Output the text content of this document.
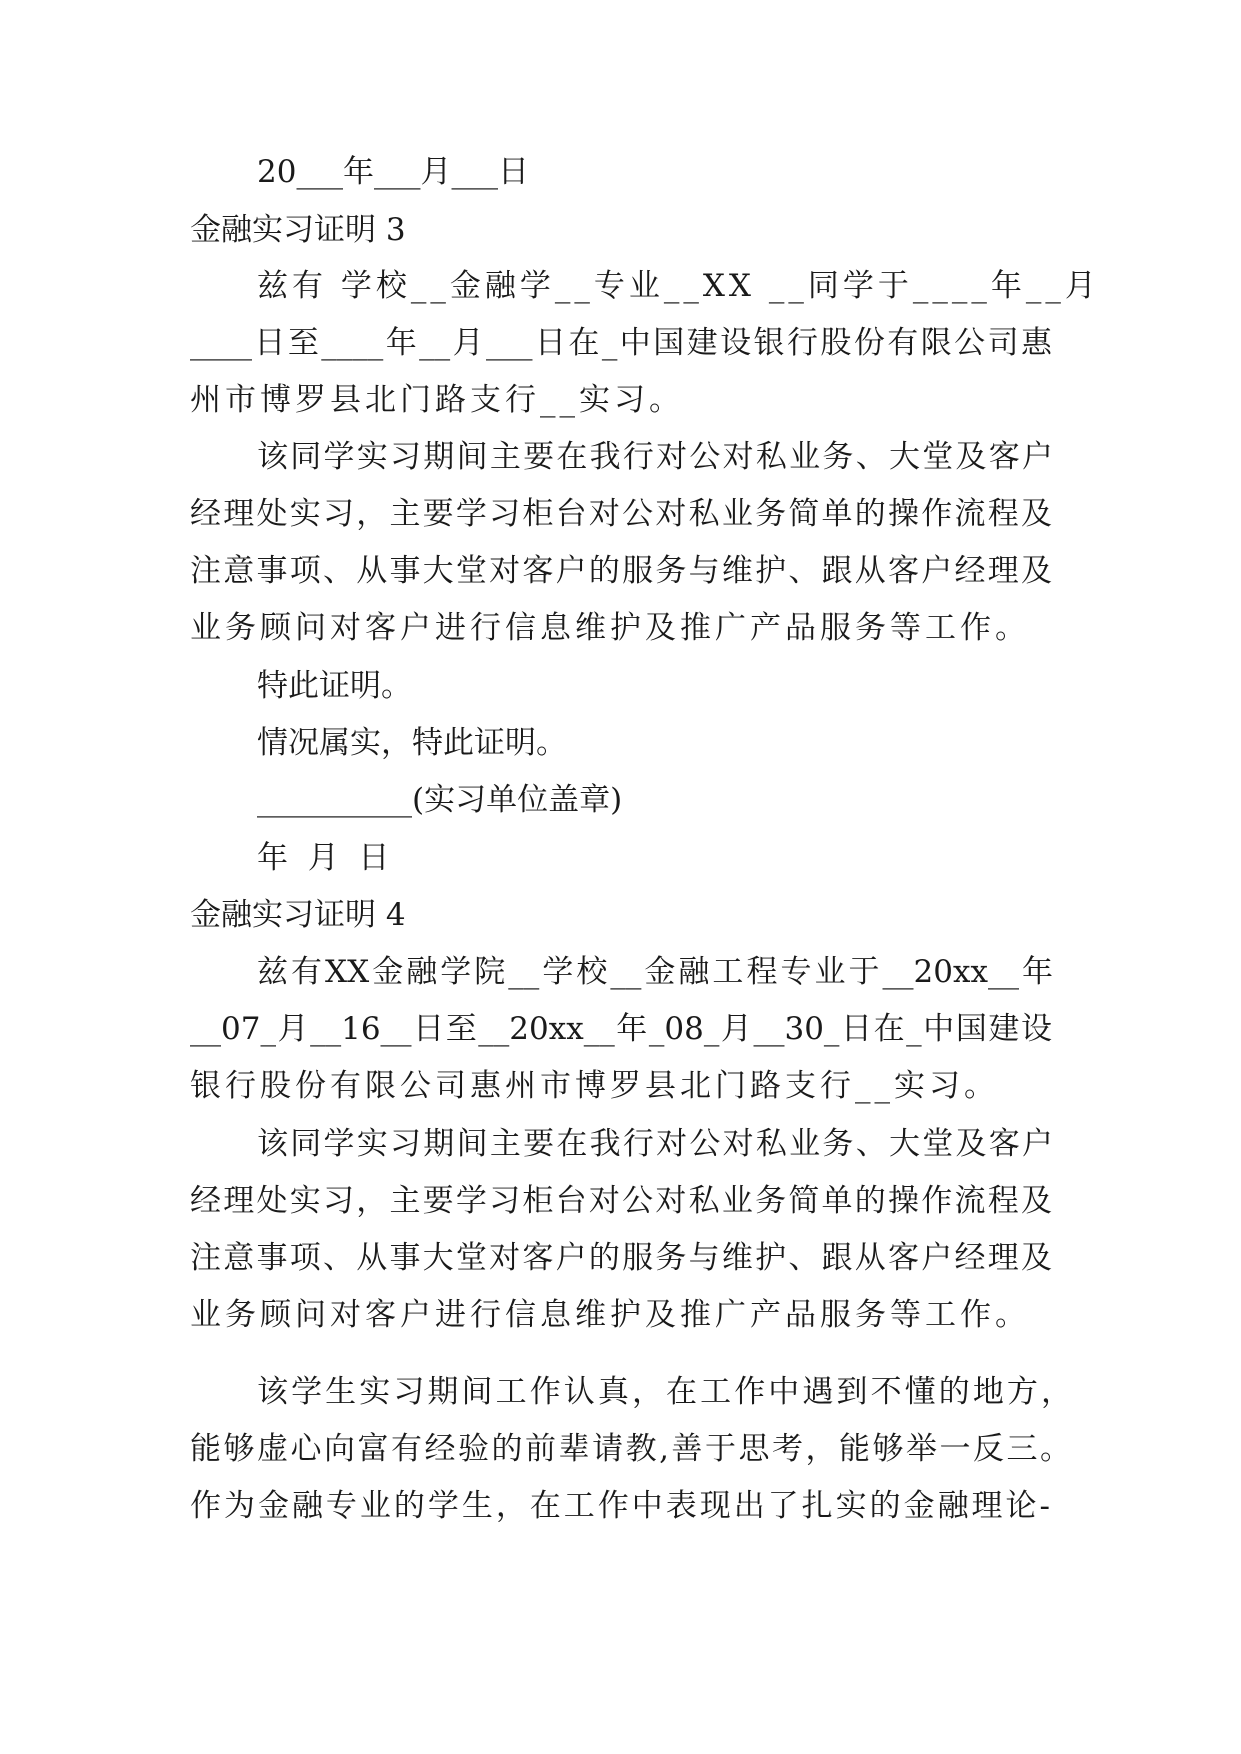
20___年___月___日
金融实习证明 3
兹有 学校__金融学__专业__XX __同学于____年__月
____日至____年__月___日在_中国建设银行股份有限公司惠
州市博罗县北门路支行__实习。
该同学实习期间主要在我行对公对私业务、大堂及客户
经理处实习，主要学习柜台对公对私业务简单的操作流程及
注意事项、从事大堂对客户的服务与维护、跟从客户经理及
业务顾问对客户进行信息维护及推广产品服务等工作。
特此证明。
情况属实，特此证明。
__________(实习单位盖章)
年  月  日
金融实习证明 4
兹有XX金融学院__学校__金融工程专业于__20xx__年
__07_月__16__日至__20xx__年_08_月__30_日在_中国建设
银行股份有限公司惠州市博罗县北门路支行__实习。
该同学实习期间主要在我行对公对私业务、大堂及客户
经理处实习，主要学习柜台对公对私业务简单的操作流程及
注意事项、从事大堂对客户的服务与维护、跟从客户经理及
业务顾问对客户进行信息维护及推广产品服务等工作。
该学生实习期间工作认真，在工作中遇到不懂的地方，
能够虚心向富有经验的前辈请教,善于思考，能够举一反三。
作为金融专业的学生，在工作中表现出了扎实的金融理论-
